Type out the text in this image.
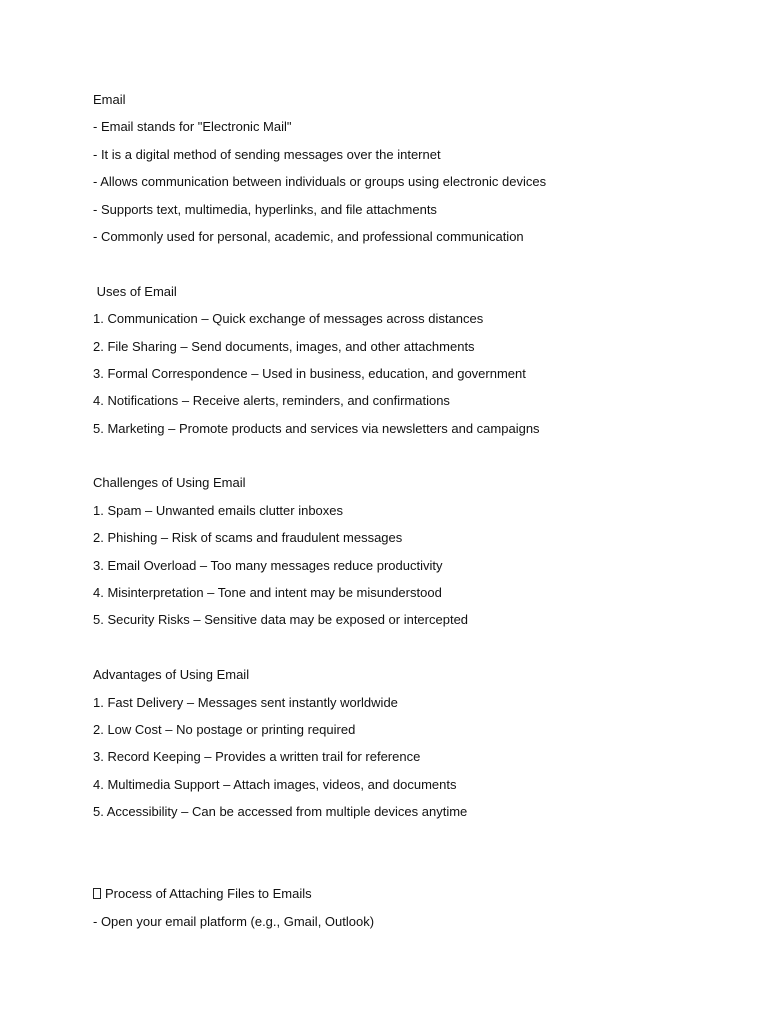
Email
- Email stands for "Electronic Mail"
- It is a digital method of sending messages over the internet
- Allows communication between individuals or groups using electronic devices
- Supports text, multimedia, hyperlinks, and file attachments
- Commonly used for personal, academic, and professional communication
Uses of Email
1. Communication – Quick exchange of messages across distances
2. File Sharing – Send documents, images, and other attachments
3. Formal Correspondence – Used in business, education, and government
4. Notifications – Receive alerts, reminders, and confirmations
5. Marketing – Promote products and services via newsletters and campaigns
Challenges of Using Email
1. Spam – Unwanted emails clutter inboxes
2. Phishing – Risk of scams and fraudulent messages
3. Email Overload – Too many messages reduce productivity
4. Misinterpretation – Tone and intent may be misunderstood
5. Security Risks – Sensitive data may be exposed or intercepted
Advantages of Using Email
1. Fast Delivery – Messages sent instantly worldwide
2. Low Cost – No postage or printing required
3. Record Keeping – Provides a written trail for reference
4. Multimedia Support – Attach images, videos, and documents
5. Accessibility – Can be accessed from multiple devices anytime
Process of Attaching Files to Emails
- Open your email platform (e.g., Gmail, Outlook)
